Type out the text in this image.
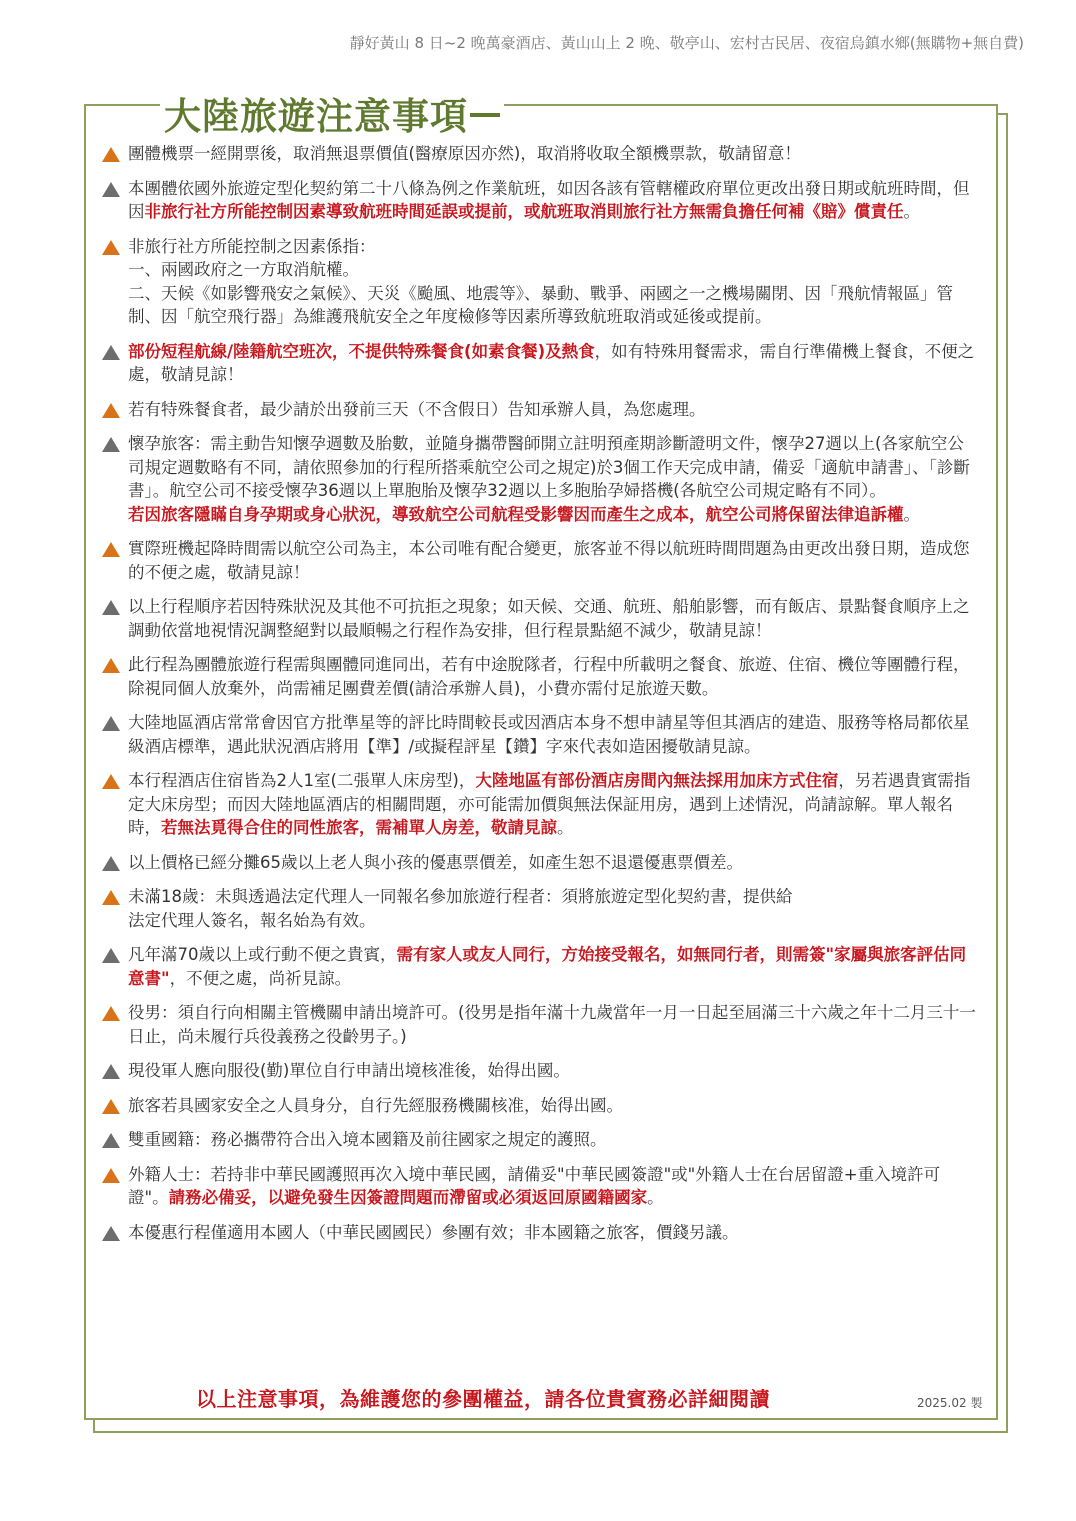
靜好黃山 8 日~2 晚萬豪酒店、黃山山上 2 晚、敬亭山、宏村古民居、夜宿烏鎮水鄉(無購物+無自費)
大陸旅遊注意事項
團體機票一經開票後，取消無退票價值(醫療原因亦然)，取消將收取全額機票款，敬請留意！
本團體依國外旅遊定型化契約第二十八條為例之作業航班，如因各該有管轄權政府單位更改出發日期或航班時間，但因非旅行社方所能控制因素導致航班時間延誤或提前，或航班取消則旅行社方無需負擔任何補《賠》償責任。
非旅行社方所能控制之因素係指：
一、兩國政府之一方取消航權。
二、天候《如影響飛安之氣候》、天災《颱風、地震等》、暴動、戰爭、兩國之一之機場關閉、因「飛航情報區」管制、因「航空飛行器」為維護飛航安全之年度檢修等因素所導致航班取消或延後或提前。
部份短程航線/陸籍航空班次，不提供特殊餐食(如素食餐)及熱食，如有特殊用餐需求，需自行準備機上餐食，不便之處，敬請見諒！
若有特殊餐食者，最少請於出發前三天（不含假日）告知承辦人員，為您處理。
懷孕旅客：需主動告知懷孕週數及胎數，並隨身攜帶醫師開立註明預產期診斷證明文件，懷孕27週以上(各家航空公司規定週數略有不同，請依照參加的行程所搭乘航空公司之規定)於3個工作天完成申請，備妥「適航申請書」、「診斷書」。航空公司不接受懷孕36週以上單胞胎及懷孕32週以上多胞胎孕婦搭機(各航空公司規定略有不同）。
若因旅客隱瞞自身孕期或身心狀況，導致航空公司航程受影響因而產生之成本，航空公司將保留法律追訴權。
實際班機起降時間需以航空公司為主，本公司唯有配合變更，旅客並不得以航班時間問題為由更改出發日期，造成您的不便之處，敬請見諒！
以上行程順序若因特殊狀況及其他不可抗拒之現象；如天候、交通、航班、船舶影響，而有飯店、景點餐食順序上之調動依當地視情況調整絕對以最順暢之行程作為安排，但行程景點絕不減少，敬請見諒！
此行程為團體旅遊行程需與團體同進同出，若有中途脫隊者，行程中所載明之餐食、旅遊、住宿、機位等團體行程，除視同個人放棄外，尚需補足團費差價(請洽承辦人員)，小費亦需付足旅遊天數。
大陸地區酒店常常會因官方批準星等的評比時間較長或因酒店本身不想申請星等但其酒店的建造、服務等格局都依星級酒店標準，遇此狀況酒店將用【準】/或擬程評星【鑽】字來代表如造困擾敬請見諒。
本行程酒店住宿皆為2人1室(二張單人床房型)，大陸地區有部份酒店房間內無法採用加床方式住宿，另若遇貴賓需指定大床房型；而因大陸地區酒店的相關問題，亦可能需加價與無法保証用房，遇到上述情況，尚請諒解。單人報名時，若無法覓得合住的同性旅客，需補單人房差，敬請見諒。
以上價格已經分攤65歲以上老人與小孩的優惠票價差，如產生恕不退還優惠票價差。
未滿18歲：未與透過法定代理人一同報名參加旅遊行程者：須將旅遊定型化契約書，提供給
法定代理人簽名，報名始為有效。
凡年滿70歲以上或行動不便之貴賓，需有家人或友人同行，方始接受報名，如無同行者，則需簽"家屬與旅客評估同意書"，不便之處，尚祈見諒。
役男：須自行向相關主管機關申請出境許可。(役男是指年滿十九歲當年一月一日起至屆滿三十六歲之年十二月三十一日止，尚未履行兵役義務之役齡男子。)
現役軍人應向服役(勤)單位自行申請出境核准後，始得出國。
旅客若具國家安全之人員身分，自行先經服務機關核准，始得出國。
雙重國籍：務必攜帶符合出入境本國籍及前往國家之規定的護照。
外籍人士：若持非中華民國護照再次入境中華民國，請備妥"中華民國簽證"或"外籍人士在台居留證+重入境許可證"。請務必備妥，以避免發生因簽證問題而滯留或必須返回原國籍國家。
本優惠行程僅適用本國人（中華民國國民）參團有效；非本國籍之旅客，價錢另議。
以上注意事項，為維護您的參團權益，請各位貴賓務必詳細閱讀	2025.02 製
